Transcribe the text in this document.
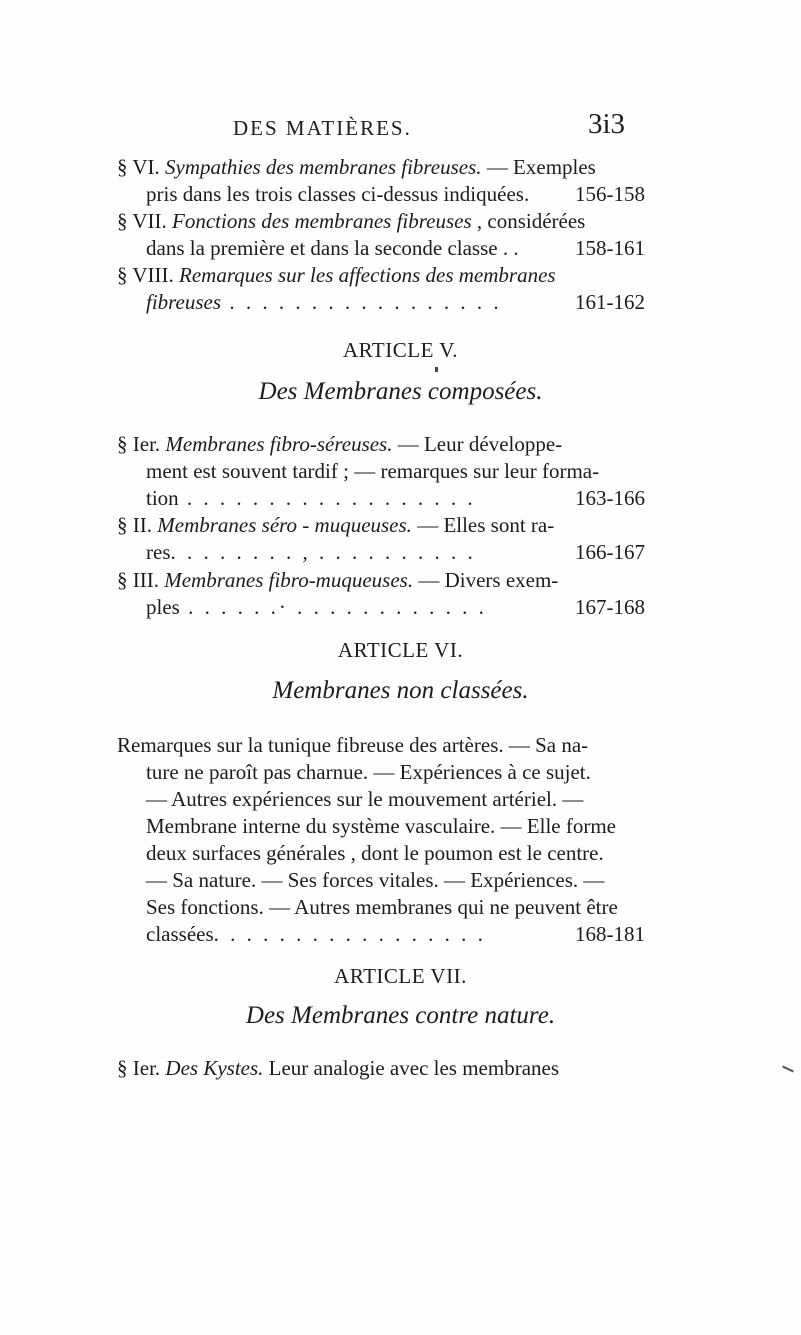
DES MATIÈRES.	3i3
§ VI. Sympathies des membranes fibreuses. — Exemples
pris dans les trois classes ci-dessus indiquées. 156-158
§ VII. Fonctions des membranes fibreuses , considérées
dans la première et dans la seconde classe . .	158-161
§ VIII. Remarques sur les affections des membranes
fibreuses . . . . . . . . . . . . . . . . .	161-162
ARTICLE V.
Des Membranes composées.
§ Ier. Membranes fibro-séreuses. — Leur développe-
ment est souvent tardif ; — remarques sur leur forma-
tion . . . . . . . . . . . . . . . . . .	163-166
§ II. Membranes séro - muqueuses. — Elles sont ra-
res. . . . . . . . , . . . . . . . . . .	166-167
§ III. Membranes fibro-muqueuses. — Divers exem-
ples . . . . . .· . . . . . . . . . . . .	167-168
ARTICLE VI.
Membranes non classées.
Remarques sur la tunique fibreuse des artères. — Sa na-
ture ne paroît pas charnue. — Expériences à ce sujet.
— Autres expériences sur le mouvement artériel. —
Membrane interne du système vasculaire. — Elle forme
deux surfaces générales , dont le poumon est le centre.
— Sa nature. — Ses forces vitales. — Expériences. —
Ses fonctions. — Autres membranes qui ne peuvent être
classées. . . . . . . . . . . . . . . . .	168-181
ARTICLE VII.
Des Membranes contre nature.
§ Ier. Des Kystes. Leur analogie avec les membranes
